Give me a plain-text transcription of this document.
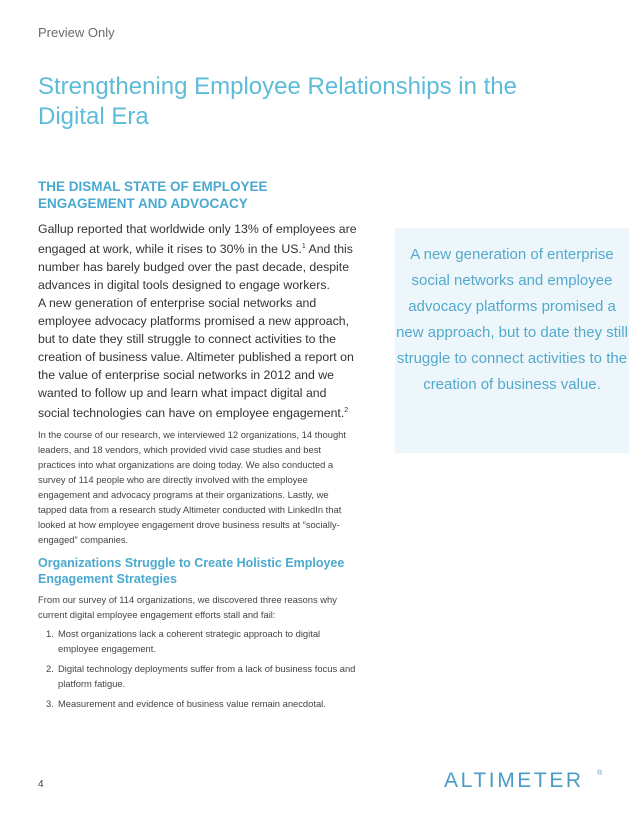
Preview Only
Strengthening Employee Relationships in the Digital Era
THE DISMAL STATE OF EMPLOYEE ENGAGEMENT AND ADVOCACY

Gallup reported that worldwide only 13% of employees are engaged at work, while it rises to 30% in the US.$^1$ And this number has barely budged over the past decade, despite advances in digital tools designed to engage workers.

A new generation of enterprise social networks and employee advocacy platforms promised a new approach, but to date they still struggle to connect activities to the creation of business value. Altimeter published a report on the value of enterprise social networks in 2012 and we wanted to follow up and learn what impact digital and social technologies can have on employee engagement.$^2$

In the course of our research, we interviewed 12 organizations, 14 thought leaders, and 18 vendors, which provided vivid case studies and best practices into what organizations are doing today. We also conducted a survey of 114 people who are directly involved with the employee engagement and advocacy programs at their organizations. Lastly, we tapped data from a research study Altimeter conducted with LinkedIn that looked at how employee engagement drove business results at “socially-engaged” companies.

Organizations Struggle to Create Holistic Employee Engagement Strategies

From our survey of 114 organizations, we discovered three reasons why current digital employee engagement efforts stall and fail:

1. Most organizations lack a coherent strategic approach to digital employee engagement.
2. Digital technology deployments suffer from a lack of business focus and platform fatigue.
3. Measurement and evidence of business value remain anecdotal.
A new generation of enterprise social networks and employee advocacy platforms promised a new approach, but to date they still struggle to connect activities to the creation of business value.
4	ALTIMETER ®
